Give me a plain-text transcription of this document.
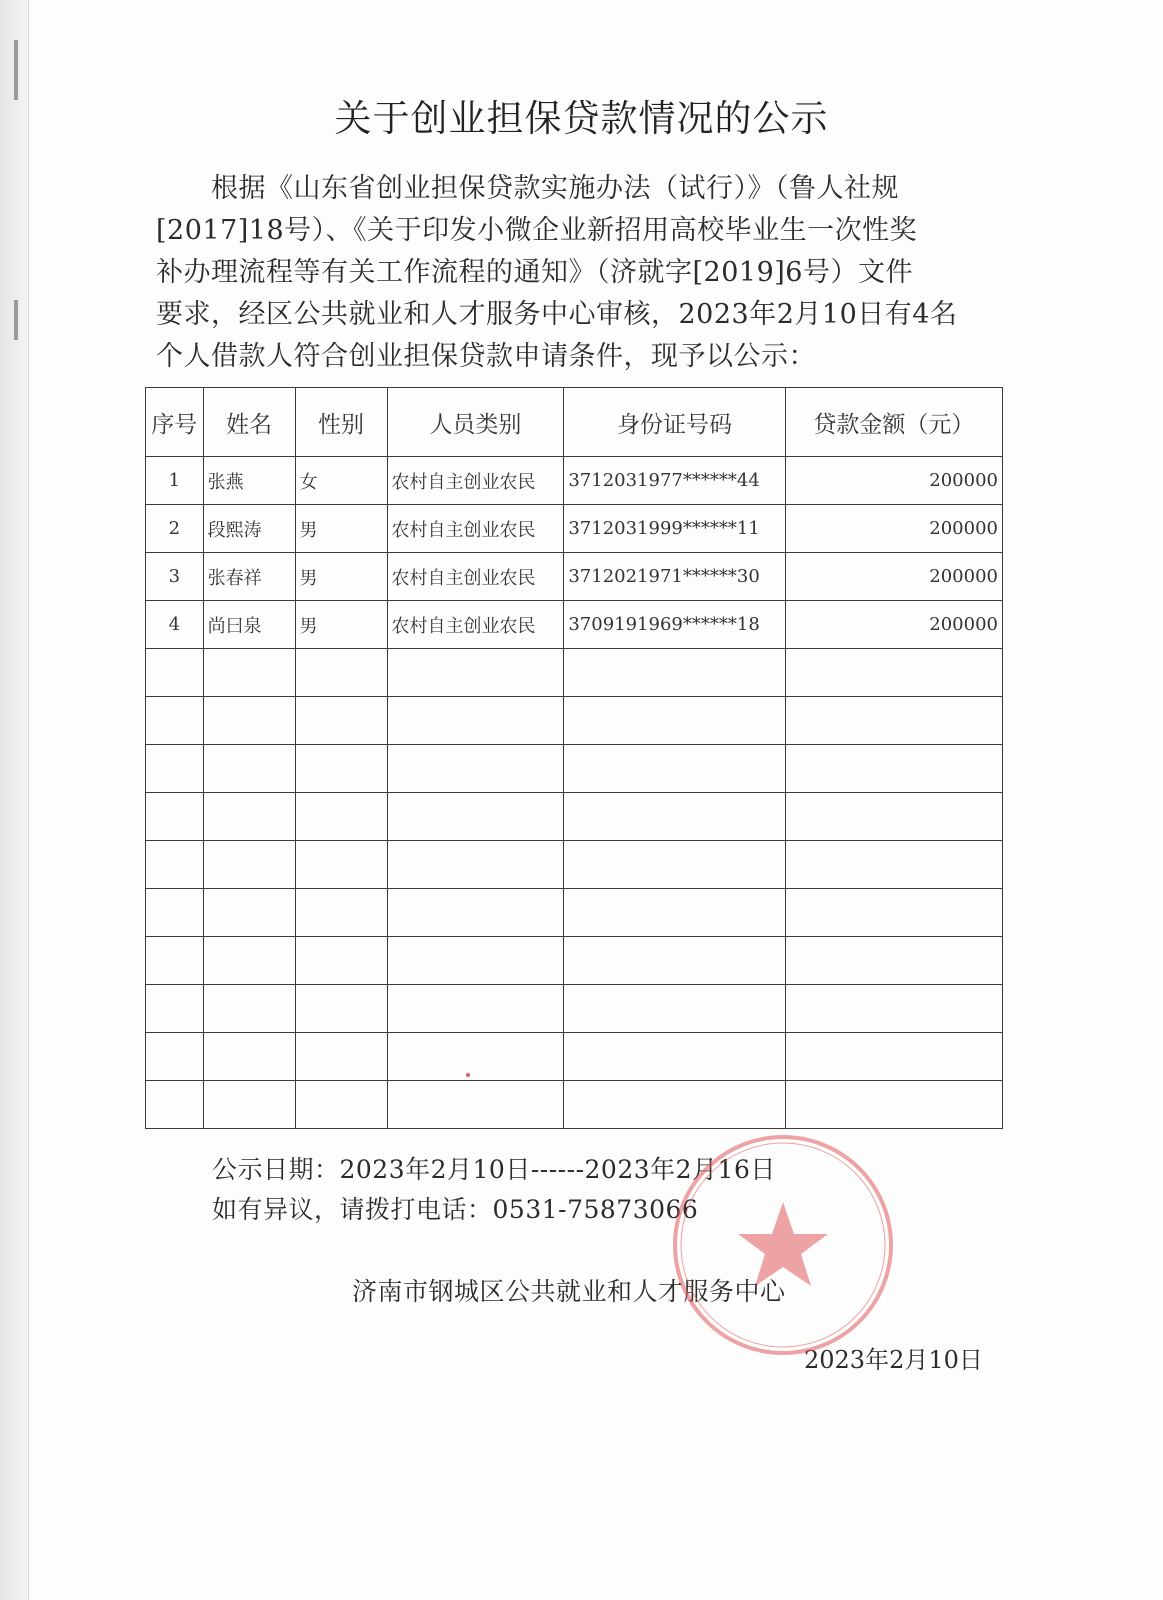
关于创业担保贷款情况的公示
　　根据《山东省创业担保贷款实施办法（试行）》（鲁人社规
[2017]18号）、《关于印发小微企业新招用高校毕业生一次性奖
补办理流程等有关工作流程的通知》（济就字[2019]6号）文件
要求，经区公共就业和人才服务中心审核，2023年2月10日有4名
个人借款人符合创业担保贷款申请条件，现予以公示：
序号	姓名	性别	人员类别	身份证号码	贷款金额（元）
1	张燕	女	农村自主创业农民	3712031977******44	200000
2	段熙涛	男	农村自主创业农民	3712031999******11	200000
3	张春祥	男	农村自主创业农民	3712021971******30	200000
4	尚曰泉	男	农村自主创业农民	3709191969******18	200000

公示日期：2023年2月10日------2023年2月16日
如有异议，请拨打电话：0531-75873066
济南市钢城区公共就业和人才服务中心
2023年2月10日
